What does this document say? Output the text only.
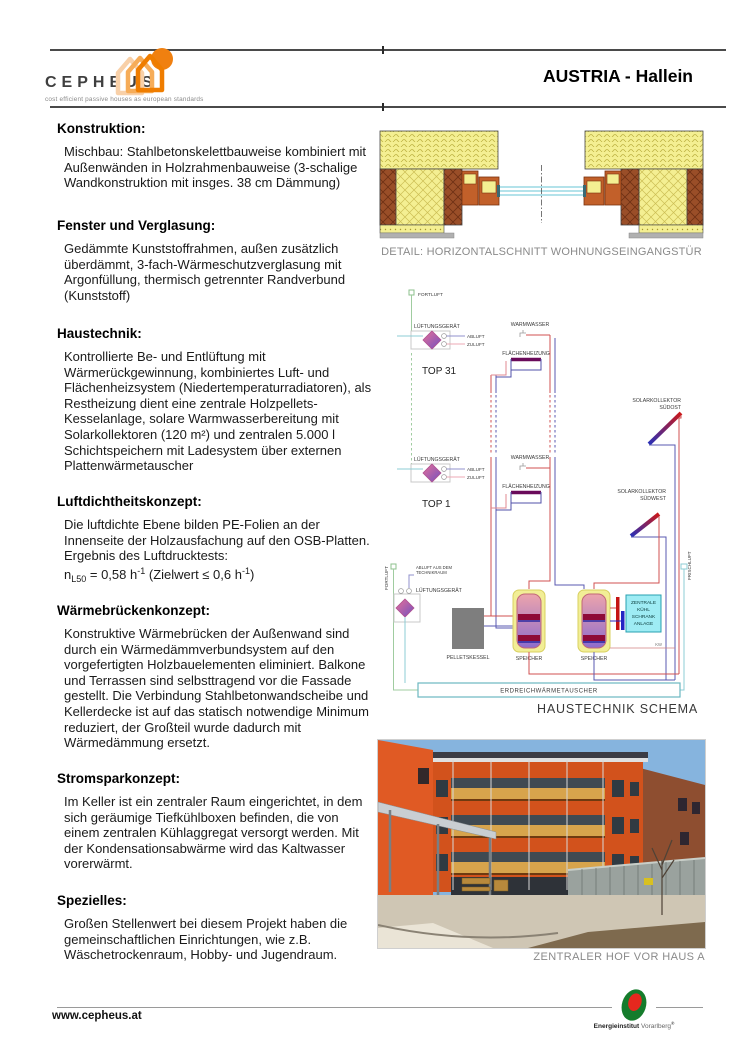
CEPHEUS
cost efficient passive houses as european standards
AUSTRIA - Hallein
Konstruktion:

Mischbau: Stahlbetonskelettbauweise kombiniert mit Außenwänden in Holzrahmenbauweise (3-schalige Wandkonstruktion mit insges. 38 cm Dämmung)

Fenster und Verglasung:

Gedämmte Kunststoffrahmen, außen zusätzlich überdämmt, 3-fach-Wärmeschutzverglasung mit Argonfüllung, thermisch getrennter Randverbund (Kunststoff)

Haustechnik:

Kontrollierte Be- und Entlüftung mit Wärmerückgewinnung, kombiniertes Luft- und Flächenheizsystem (Niedertemperaturradiatoren), als Restheizung dient eine zentrale Holzpellets-Kesselanlage, solare Warmwasserbereitung mit Solarkollektoren (120 m²) und zentralen 5.000 l Schichtspeichern mit Ladesystem über externen Plattenwärmetauscher

Luftdichtheitskonzept:

Die luftdichte Ebene bilden PE-Folien an der Innenseite der Holzausfachung auf den OSB-Platten. Ergebnis des Luftdrucktests:

$n_{L50} = 0,58$ $h^{-1}$ (Zielwert ≤ 0,6 $h^{-1}$)

Wärmebrückenkonzept:

Konstruktive Wärmebrücken der Außenwand sind durch ein Wärmedämmverbundsystem auf den vorgefertigten Holzbauelementen eliminiert. Balkone und Terrassen sind selbsttragend vor die Fassade gestellt. Die Verbindung Stahlbetonwandscheibe und Kellerdecke ist auf das statisch notwendige Minimum reduziert, der Großteil wurde dadurch mit Wärmedämmung ersetzt.

Stromsparkonzept:

Im Keller ist ein zentraler Raum eingerichtet, in dem sich geräumige Tiefkühlboxen befinden, die von einem zentralen Kühlaggregat versorgt werden. Mit der Kondensationsabwärme wird das Kaltwasser vorerwärmt.

Spezielles:

Großen Stellenwert bei diesem Projekt haben die gemeinschaftlichen Einrichtungen, wie z.B. Wäschetrockenraum, Hobby- und Jugendraum.

DETAIL: HORIZONTALSCHNITT WOHNUNGSEINGANGSTÜR
FORTLUFT
LÜFTUNGSGERÄT
ABLUFT
ZULUFT
TOP 31
LÜFTUNGSGERÄT
ABLUFT
ZULUFT
TOP 1
FLÄCHENHEIZUNG
FLÄCHENHEIZUNG
WARMWASSER
WARMWASSER
SOLARKOLLEKTOR
SÜDOST
SOLARKOLLEKTOR
SÜDWEST
FRISCHLUFT
FORTLUFT	ABLUFT AUS DEM
TECHNIKRAUM
LÜFTUNGSGERÄT
PELLETSKESSEL	SPEICHER	SPEICHER
ZENTRALE
KÜHL
SCHRANK
ANLAGE
KW
ERDREICHWÄRMETAUSCHER
HAUSTECHNIK SCHEMA
ZENTRALER HOF VOR HAUS A
www.cepheus.at
Energieinstitut Vorarlberg®
